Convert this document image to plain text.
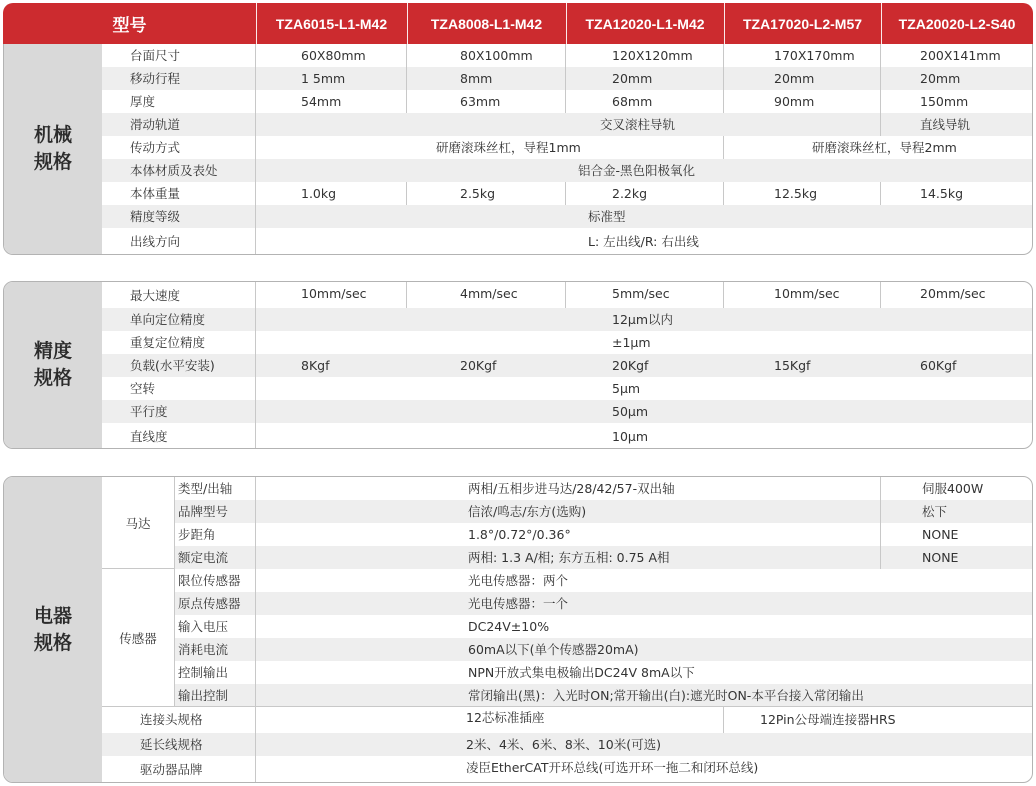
型号	TZA6015-L1-M42	TZA8008-L1-M42	TZA12020-L1-M42	TZA17020-L2-M57	TZA20020-L2-S40
机械
规格
台面尺寸	60X80mm	80X100mm	120X120mm	170X170mm	200X141mm
移动行程	1 5mm	8mm	20mm	20mm	20mm
厚度	54mm	63mm	68mm	90mm	150mm
滑动轨道	交叉滚柱导轨	直线导轨
传动方式	研磨滚珠丝杠，导程1mm	研磨滚珠丝杠，导程2mm
本体材质及表处	铝合金-黑色阳极氧化
本体重量	1.0kg	2.5kg	2.2kg	12.5kg	14.5kg
精度等级	标准型
出线方向	L: 左出线/R: 右出线
精度
规格
最大速度	10mm/sec	4mm/sec	5mm/sec	10mm/sec	20mm/sec
单向定位精度	12μm以内
重复定位精度	±1μm
负载(水平安装)	8Kgf	20Kgf	20Kgf	15Kgf	60Kgf
空转	5μm
平行度	50μm
直线度	10μm
电器
规格
马达
类型/出轴	两相/五相步进马达/28/42/57-双出轴	伺服400W
品牌型号	信浓/鸣志/东方(选购)	松下
步距角	1.8°/0.72°/0.36°	NONE
额定电流	两相: 1.3 A/相; 东方五相: 0.75 A相	NONE
传感器
限位传感器	光电传感器：两个
原点传感器	光电传感器：一个
输入电压	DC24V±10%
消耗电流	60mA以下(单个传感器20mA)
控制输出	NPN开放式集电极输出DC24V 8mA以下
输出控制	常闭输出(黑)：入光时ON;常开输出(白):遮光时ON-本平台接入常闭输出
连接头规格	12芯标准插座	12Pin公母端连接器HRS
延长线规格	2米、4米、6米、8米、10米(可选)
驱动器品牌	凌臣EtherCAT开环总线(可选开环一拖二和闭环总线)
